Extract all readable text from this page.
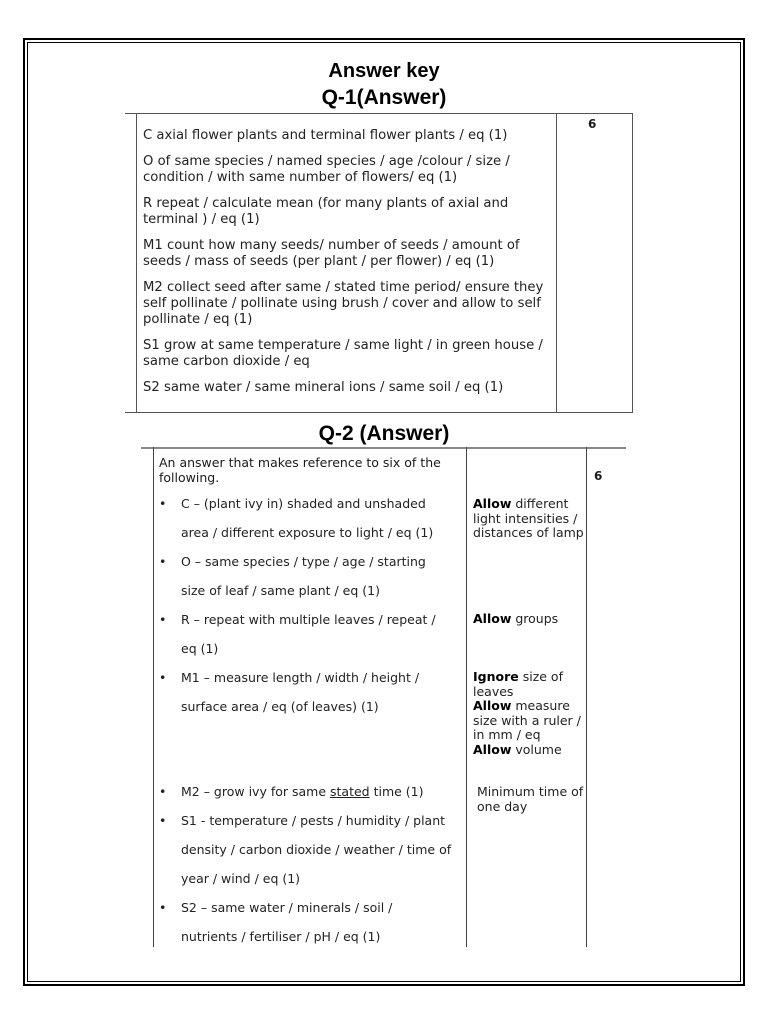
Answer key
Q-1(Answer)
6

C axial flower plants and terminal flower plants / eq (1)

O of same species / named species / age /colour / size /
condition / with same number of flowers/ eq (1)

R repeat / calculate mean (for many plants of axial and
terminal ) / eq (1)

M1 count how many seeds/ number of seeds / amount of
seeds / mass of seeds (per plant / per flower) / eq (1)

M2 collect seed after same / stated time period/ ensure they
self pollinate / pollinate using brush / cover and allow to self
pollinate / eq (1)

S1 grow at same temperature / same light / in green house /
same carbon dioxide / eq

S2 same water / same mineral ions / same soil / eq (1)

Q-2 (Answer)
An answer that makes reference to six of the following.	6
• C – (plant ivy in) shaded and unshaded
area / different exposure to light / eq (1)
• O – same species / type / age / starting
size of leaf / same plant / eq (1)
• R – repeat with multiple leaves / repeat /
eq (1)
• M1 – measure length / width / height /
surface area / eq (of leaves) (1)
• M2 – grow ivy for same stated time (1)
• S1 - temperature / pests / humidity / plant
density / carbon dioxide / weather / time of
year / wind / eq (1)
• S2 – same water / minerals / soil /
nutrients / fertiliser / pH / eq (1)
Allow different light intensities / distances of lamp
Allow groups
Ignore size of leaves
Allow measure size with a ruler / in mm / eq
Allow volume
Minimum time of one day
